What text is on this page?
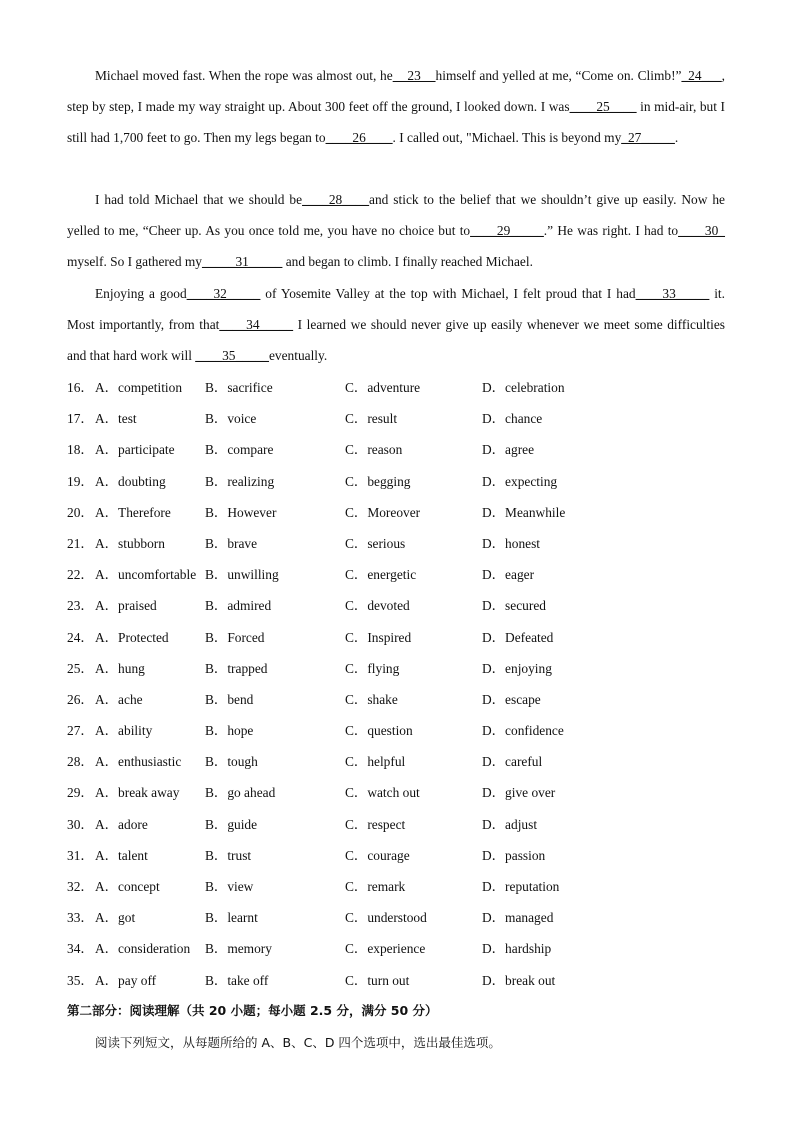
Michael moved fast. When the rope was almost out, he    23    himself and yelled at me, “Come on. Climb!”_24___, step by step, I made my way straight up. About 300 feet off the ground, I looked down. I was____25____ in mid-air, but I still had 1,700 feet to go. Then my legs began to____26____. I called out, "Michael. This is beyond my_27_____.
I had told Michael that we should be____28____and stick to the belief that we shouldn’t give up easily. Now he yelled to me, “Cheer up. As you once told me, you have no choice but to____29_____.” He was right. I had to____30_ myself. So I gathered my_____31_____ and began to climb. I finally reached Michael.
Enjoying a good____32_____ of Yosemite Valley at the top with Michael, I felt proud that I had____33_____ it. Most importantly, from that____34_____ I learned we should never give up easily whenever we meet some difficulties and that hard work will ____35_____eventually.
16． A．competition B．sacrifice	C．adventure	D．celebration
17． A．test	B．voice	C．result	D．chance
18． A．participate B．compare	C．reason	D．agree
19． A．doubting	B．realizing	C．begging	D．expecting
20． A．Therefore	B．However	C．Moreover	D．Meanwhile
21． A．stubborn	B．brave	C．serious	D．honest
22． A．uncomfortable B．unwilling	C．energetic	D．eager
23． A．praised	B．admired	C．devoted	D．secured
24． A．Protected	B．Forced	C．Inspired	D．Defeated
25． A．hung	B．trapped	C．flying	D．enjoying
26． A．ache	B．bend	C．shake	D．escape
27． A．ability	B．hope	C．question	D．confidence
28． A．enthusiastic B．tough	C．helpful	D．careful
29． A．break away B．go ahead	C．watch out	D．give over
30． A．adore	B．guide	C．respect	D．adjust
31． A．talent	B．trust	C．courage	D．passion
32． A．concept	B．view	C．remark	D．reputation
33． A．got	B．learnt	C．understood	D．managed
34． A．consideration B．memory	C．experience	D．hardship
35． A．pay off	B．take off	C．turn out	D．break out
第二部分：阅读理解（共 20 小题；每小题 2.5 分，满分 50 分）
阅读下列短文，从每题所给的 A、B、C、D 四个选项中，选出最佳选项。
